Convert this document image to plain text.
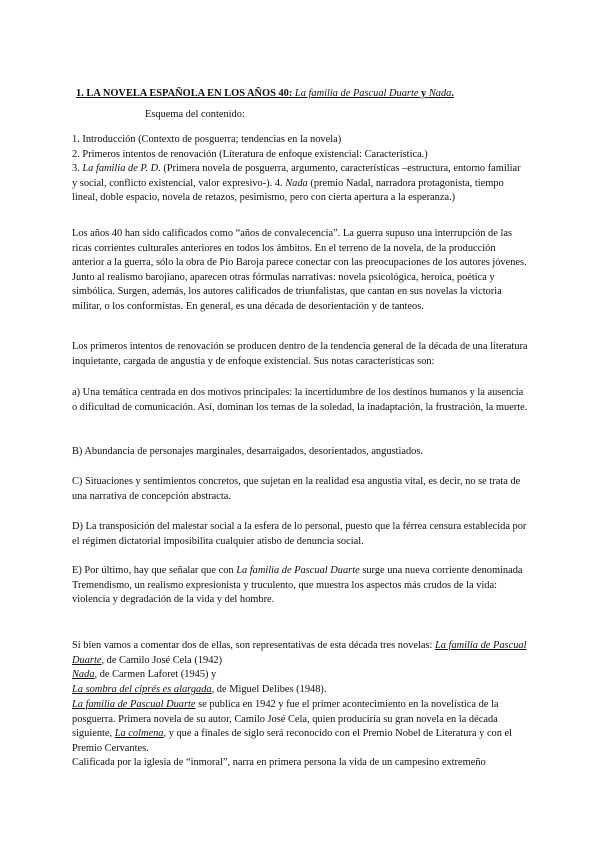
1. LA NOVELA ESPAÑOLA EN LOS AÑOS 40: La familia de Pascual Duarte y Nada.
Esquema del contenido:

1. Introducción (Contexto de posguerra; tendencias en la novela)
2. Primeros intentos de renovación (Literatura de enfoque existencial: Característica.)
3. La familia de P. D. (Primera novela de posguerra, argumento, características –estructura, entorno familiar y social, conflicto existencial, valor expresivo-). 4. Nada (premio Nadal, narradora protagonista, tiempo lineal, doble espacio, novela de retazos, pesimismo, pero con cierta apertura a la esperanza.)

Los años 40 han sido calificados como “años de convalecencia”. La guerra supuso una interrupción de las ricas corrientes culturales anteriores en todos los ámbitos. En el terreno de la novela, de la producción anterior a la guerra, sólo la obra de Pío Baroja parece conectar con las preocupaciones de los autores jóvenes. Junto al realismo barojiano, aparecen otras fórmulas narrativas: novela psicológica, heroica, poética y simbólica. Surgen, además, los autores calificados de triunfalistas, que cantan en sus novelas la victoria militar, o los conformistas. En general, es una década de desorientación y de tanteos.

Los primeros intentos de renovación se producen dentro de la tendencia general de la década de una literatura inquietante, cargada de angustia y de enfoque existencial. Sus notas características son:

a) Una temática centrada en dos motivos principales: la incertidumbre de los destinos humanos y la ausencia o dificultad de comunicación. Así, dominan los temas de la soledad, la inadaptación, la frustración, la muerte.

B) Abundancia de personajes marginales, desarraigados, desorientados, angustiados.

C) Situaciones y sentimientos concretos, que sujetan en la realidad esa angustia vital, es decir, no se trata de una narrativa de concepción abstracta.

D) La transposición del malestar social a la esfera de lo personal, puesto que la férrea censura establecida por el régimen dictatorial imposibilita cualquier atisbo de denuncia social.

E) Por último, hay que señalar que con La familia de Pascual Duarte surge una nueva corriente denominada Tremendismo, un realismo expresionista y truculento, que muestra los aspectos más crudos de la vida: violencia y degradación de la vida y del hombre.

Si bien vamos a comentar dos de ellas, son representativas de esta década tres novelas: La familia de Pascual Duarte, de Camilo José Cela (1942)
Nada, de Carmen Laforet (1945) y
La sombra del ciprés es alargada, de Miguel Delibes (1948).

La familia de Pascual Duarte se publica en 1942 y fue el primer acontecimiento en la novelística de la posguerra. Primera novela de su autor, Camilo José Cela, quien produciría su gran novela en la década siguiente, La colmena, y que a finales de siglo será reconocido con el Premio Nobel de Literatura y con el Premio Cervantes.
Calificada por la iglesia de “inmoral”, narra en primera persona la vida de un campesino extremeño
